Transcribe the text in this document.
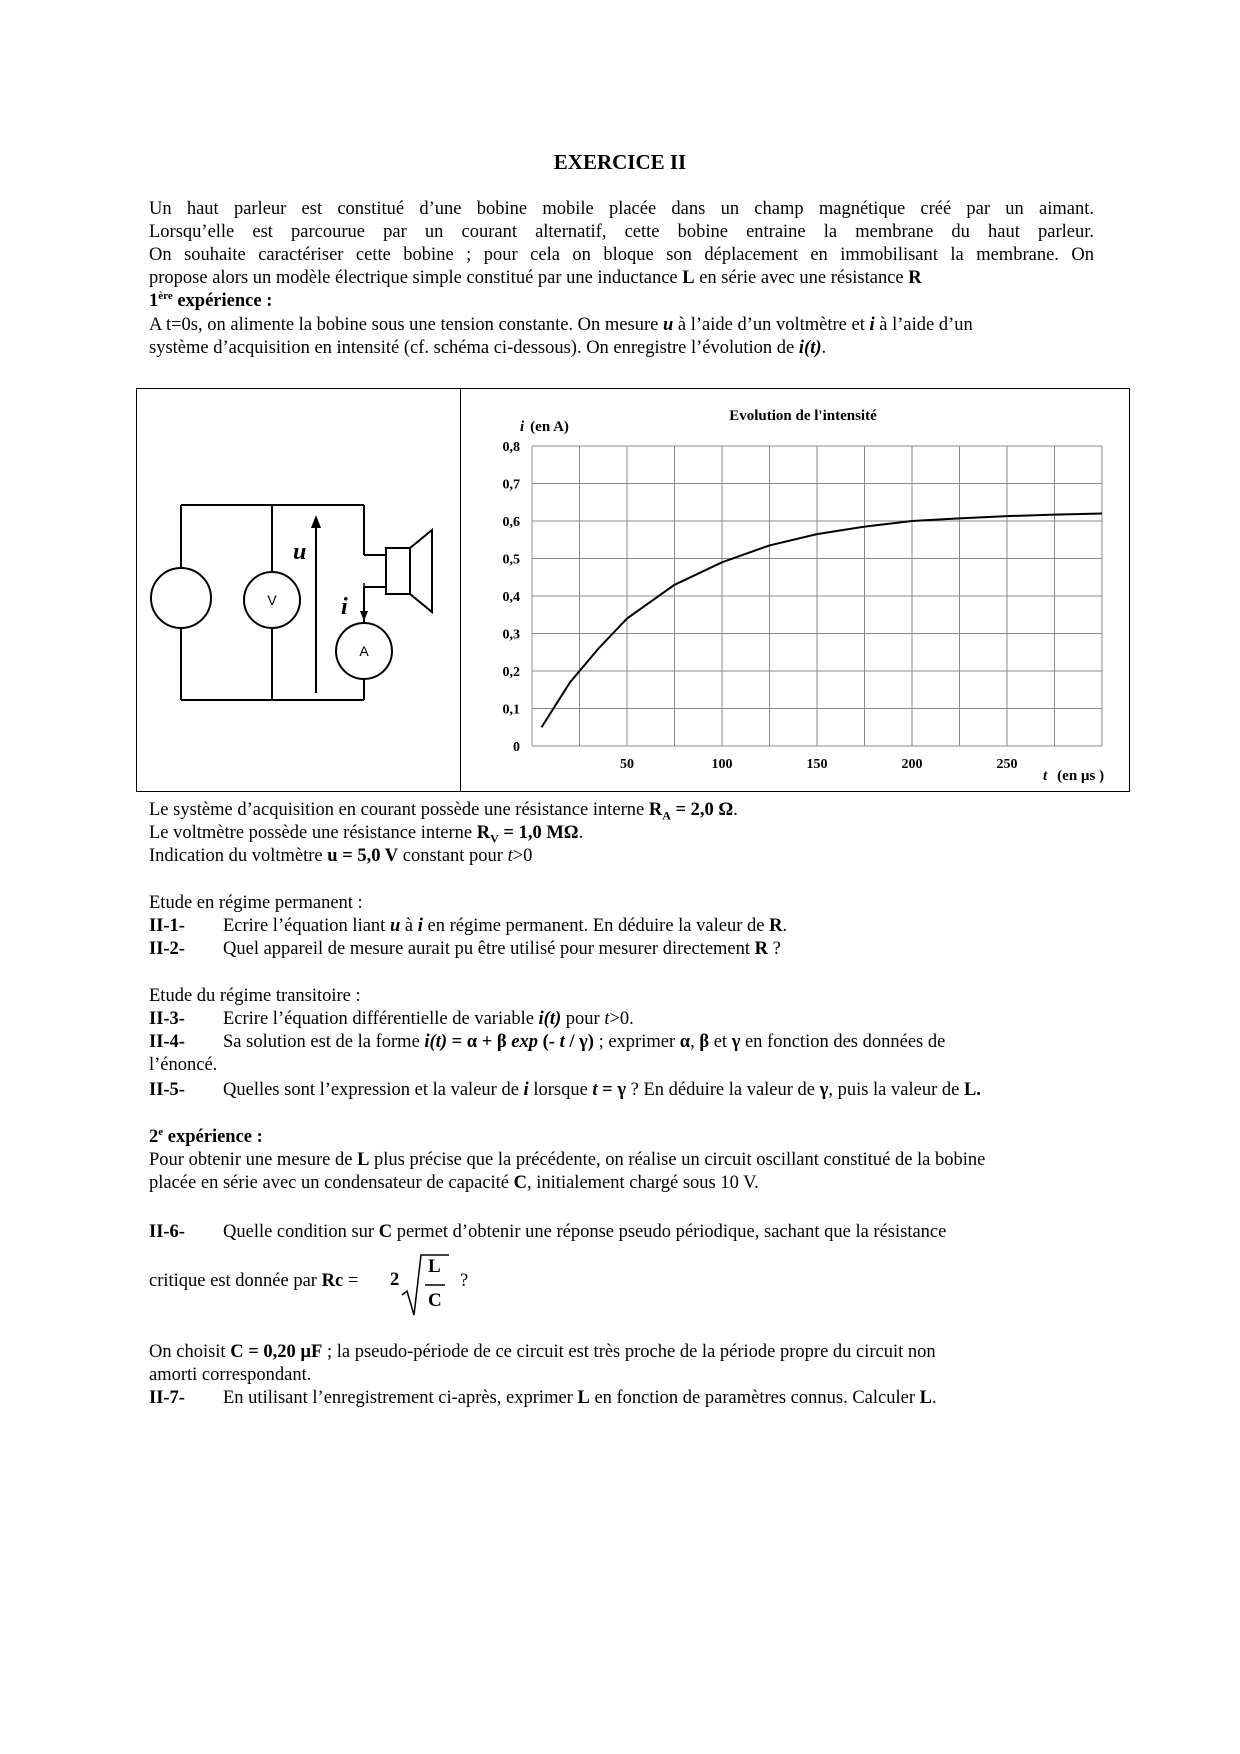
EXERCICE II
Un haut parleur est constitué d’une bobine mobile placée dans un champ magnétique créé par un aimant.
Lorsqu’elle est parcourue par un courant alternatif, cette bobine entraine la membrane du haut parleur.
On souhaite caractériser cette bobine ; pour cela on bloque son déplacement en immobilisant la membrane. On
propose alors un modèle électrique simple constitué par une inductance L en série avec une résistance R
1ère expérience :
A t=0s, on alimente la bobine sous une tension constante. On mesure u à l’aide d’un voltmètre et i à l’aide d’un
système d’acquisition en intensité (cf. schéma ci-dessous). On enregistre l’évolution de i(t).
V
u
i
A
Evolution de l'intensité
i (en A)
0
0,1
0,2
0,3
0,4
0,5
0,6
0,7
0,8
50	100	150	200	250
t (en µs )
Le système d’acquisition en courant possède une résistance interne $R_A = 2,0$ Ω.
Le voltmètre possède une résistance interne $R_V = 1,0$ MΩ.
Indication du voltmètre u = 5,0 V constant pour t>0
Etude en régime permanent :
II-1- Ecrire l’équation liant u à i en régime permanent. En déduire la valeur de R.
II-2- Quel appareil de mesure aurait pu être utilisé pour mesurer directement R ?
Etude du régime transitoire :
II-3- Ecrire l’équation différentielle de variable i(t) pour t>0.
II-4- Sa solution est de la forme i(t) = α + β exp (- t / γ) ; exprimer α, β et γ en fonction des données de
l’énoncé.
II-5- Quelles sont l’expression et la valeur de i lorsque t = γ ? En déduire la valeur de γ, puis la valeur de L.
2e expérience :
Pour obtenir une mesure de L plus précise que la précédente, on réalise un circuit oscillant constitué de la bobine
placée en série avec un condensateur de capacité C, initialement chargé sous 10 V.
II-6- Quelle condition sur C permet d’obtenir une réponse pseudo périodique, sachant que la résistance
critique est donnée par Rc = 2
L
C
?
On choisit C = 0,20 µF ; la pseudo-période de ce circuit est très proche de la période propre du circuit non
amorti correspondant.
II-7- En utilisant l’enregistrement ci-après, exprimer L en fonction de paramètres connus. Calculer L.
